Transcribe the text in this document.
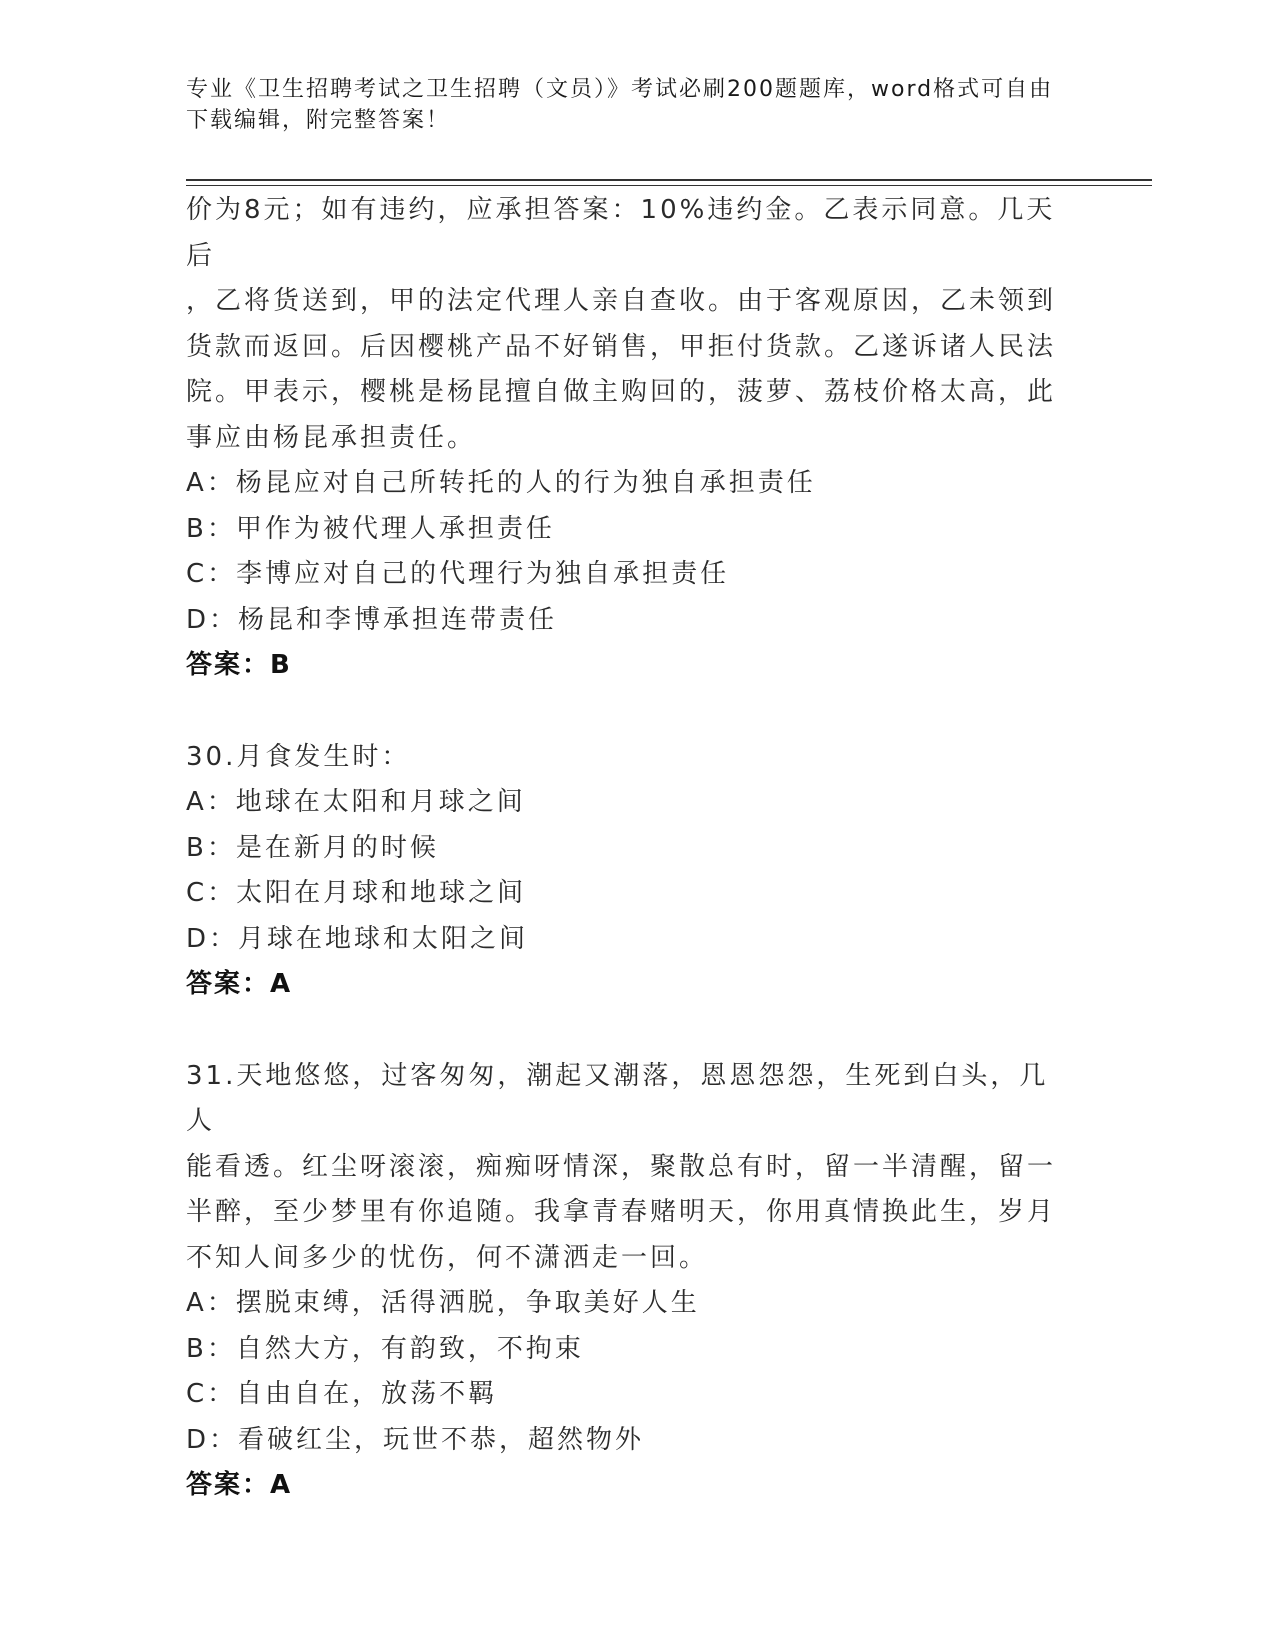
专业《卫生招聘考试之卫生招聘（文员）》考试必刷200题题库，word格式可自由下载编辑，附完整答案！

价为8元；如有违约，应承担答案：10%违约金。乙表示同意。几天后

，乙将货送到，甲的法定代理人亲自查收。由于客观原因，乙未领到

货款而返回。后因樱桃产品不好销售，甲拒付货款。乙遂诉诸人民法

院。甲表示，樱桃是杨昆擅自做主购回的，菠萝、荔枝价格太高，此

事应由杨昆承担责任。

A：杨昆应对自己所转托的人的行为独自承担责任

B：甲作为被代理人承担责任

C：李博应对自己的代理行为独自承担责任

D：杨昆和李博承担连带责任

答案：B

30.月食发生时：

A：地球在太阳和月球之间

B：是在新月的时候

C：太阳在月球和地球之间

D：月球在地球和太阳之间

答案：A

31.天地悠悠，过客匆匆，潮起又潮落，恩恩怨怨，生死到白头，几人

能看透。红尘呀滚滚，痴痴呀情深，聚散总有时，留一半清醒，留一

半醉，至少梦里有你追随。我拿青春赌明天，你用真情换此生，岁月

不知人间多少的忧伤，何不潇洒走一回。

A：摆脱束缚，活得洒脱，争取美好人生

B：自然大方，有韵致，不拘束

C：自由自在，放荡不羁

D：看破红尘，玩世不恭，超然物外

答案：A
